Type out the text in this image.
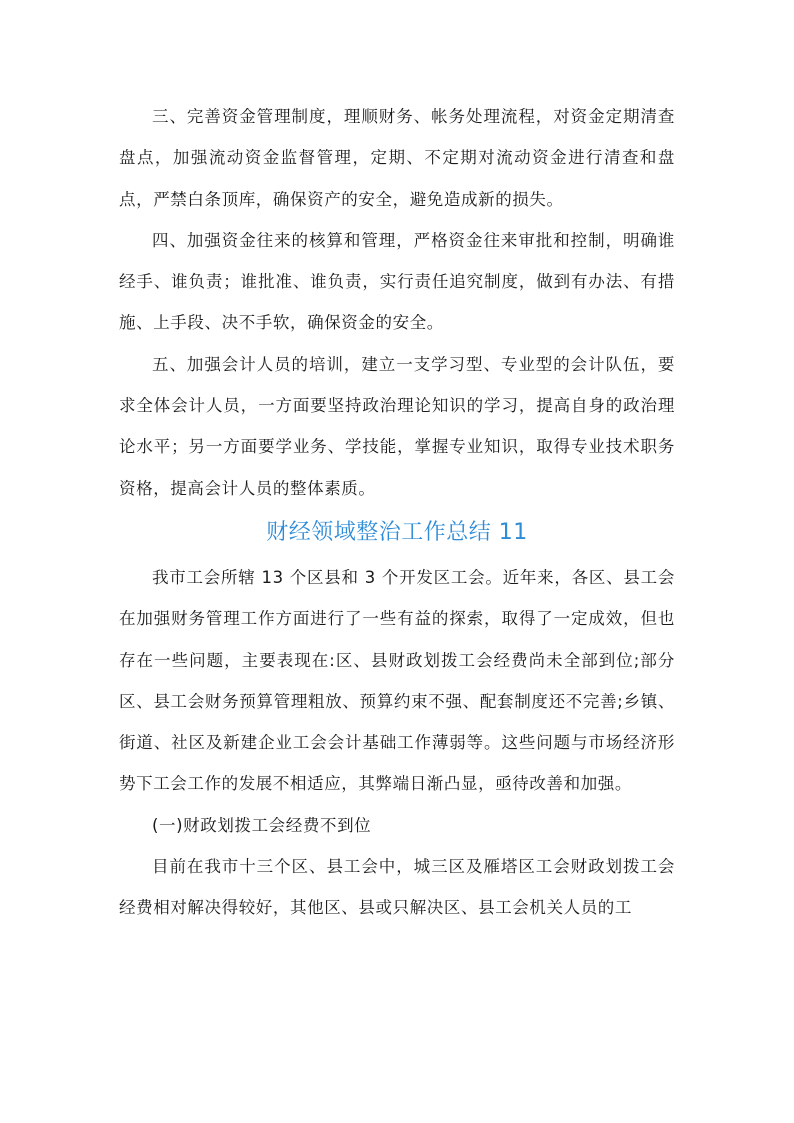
三、完善资金管理制度，理顺财务、帐务处理流程，对资金定期清查盘点，加强流动资金监督管理，定期、不定期对流动资金进行清查和盘点，严禁白条顶库，确保资产的安全，避免造成新的损失。

四、加强资金往来的核算和管理，严格资金往来审批和控制，明确谁经手、谁负责；谁批准、谁负责，实行责任追究制度，做到有办法、有措施、上手段、决不手软，确保资金的安全。

五、加强会计人员的培训，建立一支学习型、专业型的会计队伍，要求全体会计人员，一方面要坚持政治理论知识的学习，提高自身的政治理论水平；另一方面要学业务、学技能，掌握专业知识，取得专业技术职务资格，提高会计人员的整体素质。

财经领域整治工作总结 11

我市工会所辖 13 个区县和 3 个开发区工会。近年来，各区、县工会在加强财务管理工作方面进行了一些有益的探索，取得了一定成效，但也存在一些问题，主要表现在:区、县财政划拨工会经费尚未全部到位;部分区、县工会财务预算管理粗放、预算约束不强、配套制度还不完善;乡镇、街道、社区及新建企业工会会计基础工作薄弱等。这些问题与市场经济形势下工会工作的发展不相适应，其弊端日渐凸显，亟待改善和加强。

(一)财政划拨工会经费不到位

目前在我市十三个区、县工会中，城三区及雁塔区工会财政划拨工会经费相对解决得较好，其他区、县或只解决区、县工会机关人员的工
